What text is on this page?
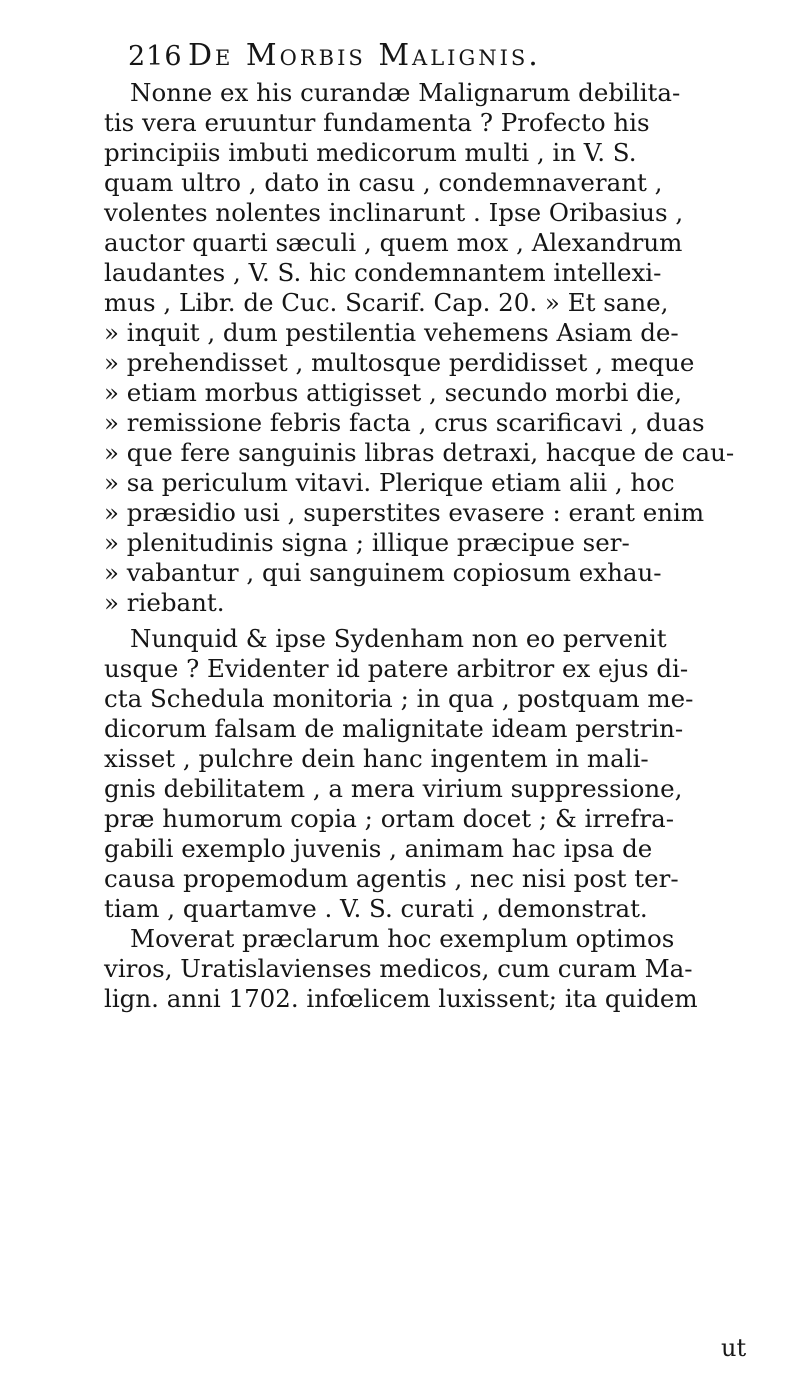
216 De Morbis Malignis.
Nonne ex his curandæ Malignarum debilita-
tis vera eruuntur fundamenta ? Profecto his
principiis imbuti medicorum multi , in V. S.
quam ultro , dato in casu , condemnaverant ,
volentes nolentes inclinarunt . Ipse Oribasius ,
auctor quarti sæculi , quem mox , Alexandrum
laudantes , V. S. hic condemnantem intellexi-
mus , Libr. de Cuc. Scarif. Cap. 20. » Et sane,
» inquit , dum pestilentia vehemens Asiam de-
» prehendisset , multosque perdidisset , meque
» etiam morbus attigisset , secundo morbi die,
» remissione febris facta , crus scarificavi , duas
» que fere sanguinis libras detraxi, hacque de cau-
» sa periculum vitavi. Plerique etiam alii , hoc
» præsidio usi , superstites evasere : erant enim
» plenitudinis signa ; illique præcipue ser-
» vabantur , qui sanguinem copiosum exhau-
» riebant.
Nunquid & ipse Sydenham non eo pervenit
usque ? Evidenter id patere arbitror ex ejus di-
cta Schedula monitoria ; in qua , postquam me-
dicorum falsam de malignitate ideam perstrin-
xisset , pulchre dein hanc ingentem in mali-
gnis debilitatem , a mera virium suppressione,
præ humorum copia ; ortam docet ; & irrefra-
gabili exemplo juvenis , animam hac ipsa de
causa propemodum agentis , nec nisi post ter-
tiam , quartamve . V. S. curati , demonstrat.
Moverat præclarum hoc exemplum optimos
viros, Uratislavienses medicos, cum curam Ma-
lign. anni 1702. infœlicem luxissent; ita quidem
ut
